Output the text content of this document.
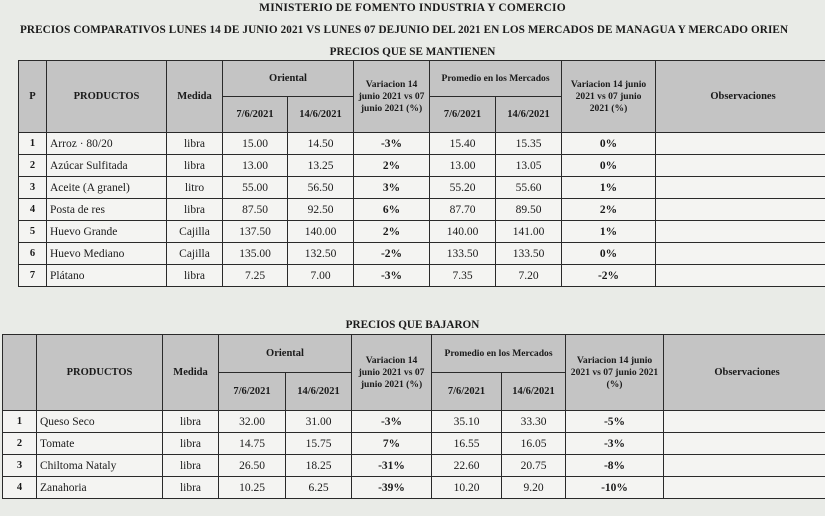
MINISTERIO DE FOMENTO INDUSTRIA Y COMERCIO
PRECIOS COMPARATIVOS LUNES 14 DE JUNIO 2021 VS LUNES 07 DEJUNIO DEL 2021 EN LOS MERCADOS DE MANAGUA Y MERCADO ORIEN
PRECIOS QUE SE MANTIENEN
P	PRODUCTOS	Medida	Oriental		Variacion 14 junio 2021 vs 07 junio 2021 (%)	Promedio en los Mercados		Variacion 14 junio 2021 vs 07 junio 2021 (%)	Observaciones
			7/6/2021	14/6/2021		7/6/2021	14/6/2021		
1	Arroz · 80/20	libra	15.00	14.50	-3%	15.40	15.35	0%	
2	Azúcar Sulfitada	libra	13.00	13.25	2%	13.00	13.05	0%	
3	Aceite (A granel)	litro	55.00	56.50	3%	55.20	55.60	1%	
4	Posta de res	libra	87.50	92.50	6%	87.70	89.50	2%	
5	Huevo Grande	Cajilla	137.50	140.00	2%	140.00	141.00	1%	
6	Huevo Mediano	Cajilla	135.00	132.50	-2%	133.50	133.50	0%	
7	Plátano	libra	7.25	7.00	-3%	7.35	7.20	-2%	
PRECIOS QUE BAJARON
	PRODUCTOS	Medida	Oriental		Variacion 14 junio 2021 vs 07 junio 2021 (%)	Promedio en los Mercados		Variacion 14 junio 2021 vs 07 junio 2021 (%)	Observaciones
			7/6/2021	14/6/2021		7/6/2021	14/6/2021		
1	Queso Seco	libra	32.00	31.00	-3%	35.10	33.30	-5%	
2	Tomate	libra	14.75	15.75	7%	16.55	16.05	-3%	
3	Chiltoma Nataly	libra	26.50	18.25	-31%	22.60	20.75	-8%	
4	Zanahoria	libra	10.25	6.25	-39%	10.20	9.20	-10%	
